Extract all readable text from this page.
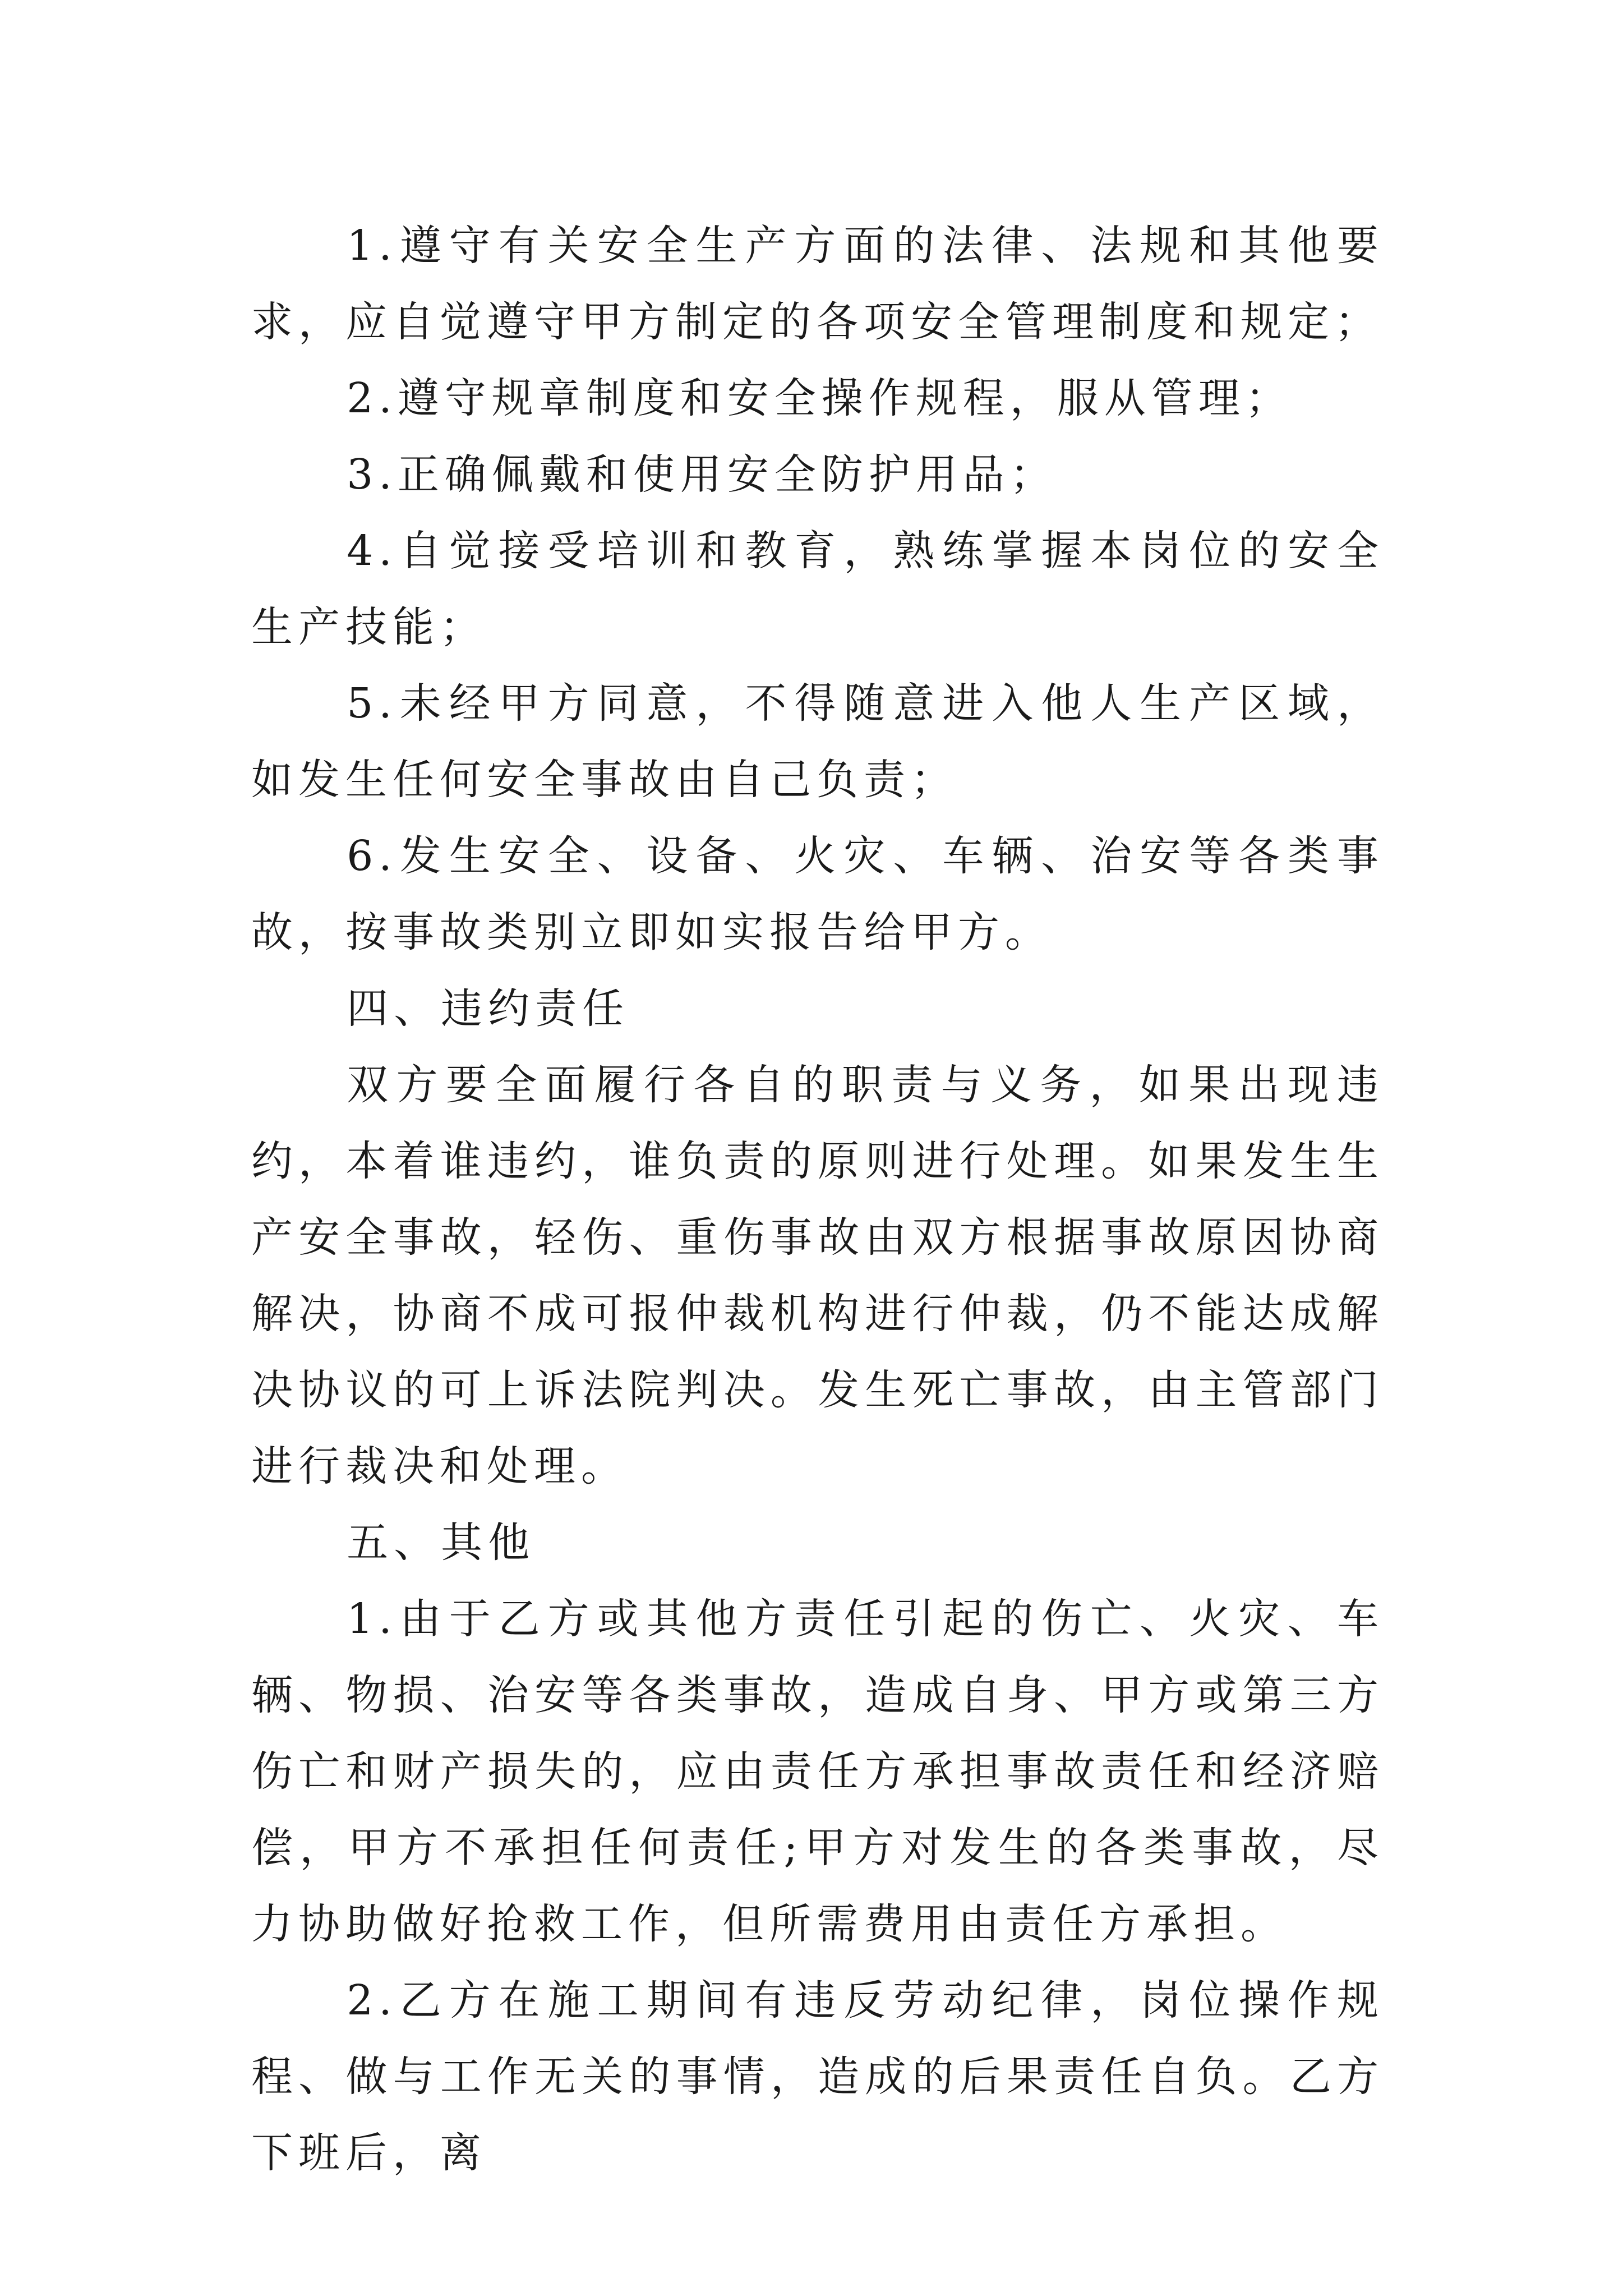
1.遵守有关安全生产方面的法律、法规和其他要求，应自觉遵守甲方制定的各项安全管理制度和规定；

2.遵守规章制度和安全操作规程，服从管理；

3.正确佩戴和使用安全防护用品；

4.自觉接受培训和教育，熟练掌握本岗位的安全生产技能；

5.未经甲方同意，不得随意进入他人生产区域，如发生任何安全事故由自己负责；

6.发生安全、设备、火灾、车辆、治安等各类事故，按事故类别立即如实报告给甲方。

四、违约责任

双方要全面履行各自的职责与义务，如果出现违约，本着谁违约，谁负责的原则进行处理。如果发生生产安全事故，轻伤、重伤事故由双方根据事故原因协商解决，协商不成可报仲裁机构进行仲裁，仍不能达成解决协议的可上诉法院判决。发生死亡事故，由主管部门进行裁决和处理。

五、其他

1.由于乙方或其他方责任引起的伤亡、火灾、车辆、物损、治安等各类事故，造成自身、甲方或第三方伤亡和财产损失的，应由责任方承担事故责任和经济赔偿，甲方不承担任何责任;甲方对发生的各类事故，尽力协助做好抢救工作，但所需费用由责任方承担。

2.乙方在施工期间有违反劳动纪律，岗位操作规程、做与工作无关的事情，造成的后果责任自负。乙方下班后，离
